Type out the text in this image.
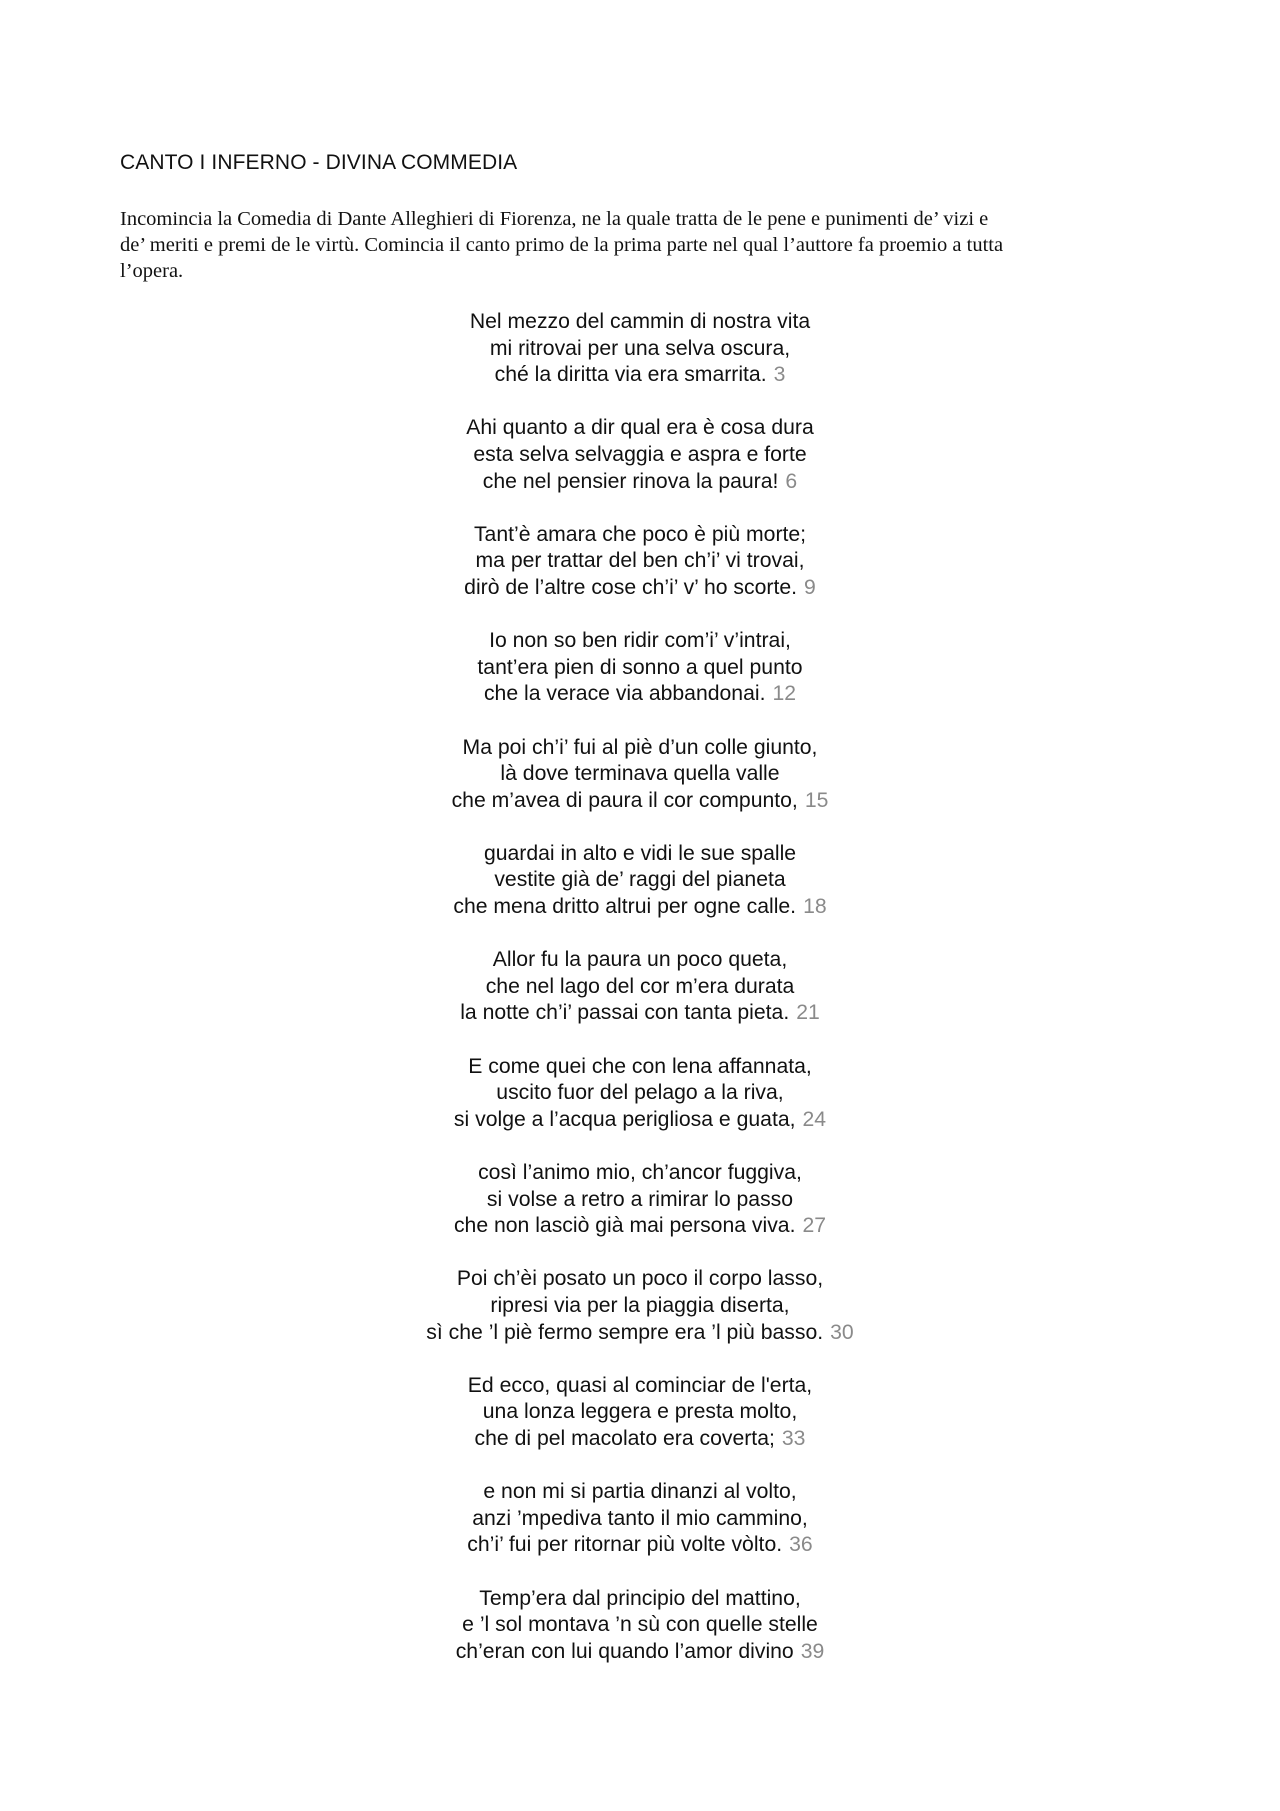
CANTO I INFERNO - DIVINA COMMEDIA
Incomincia la Comedia di Dante Alleghieri di Fiorenza, ne la quale tratta de le pene e punimenti de’ vizi e
de’ meriti e premi de le virtù. Comincia il canto primo de la prima parte nel qual l’auttore fa proemio a tutta
l’opera.
Nel mezzo del cammin di nostra vita
mi ritrovai per una selva oscura,
ché la diritta via era smarrita. 3
Ahi quanto a dir qual era è cosa dura
esta selva selvaggia e aspra e forte
che nel pensier rinova la paura! 6
Tant’è amara che poco è più morte;
ma per trattar del ben ch’i’ vi trovai,
dirò de l’altre cose ch’i’ v’ ho scorte. 9
Io non so ben ridir com’i’ v’intrai,
tant’era pien di sonno a quel punto
che la verace via abbandonai. 12
Ma poi ch’i’ fui al piè d’un colle giunto,
là dove terminava quella valle
che m’avea di paura il cor compunto, 15
guardai in alto e vidi le sue spalle
vestite già de’ raggi del pianeta
che mena dritto altrui per ogne calle. 18
Allor fu la paura un poco queta,
che nel lago del cor m’era durata
la notte ch’i’ passai con tanta pieta. 21
E come quei che con lena affannata,
uscito fuor del pelago a la riva,
si volge a l’acqua perigliosa e guata, 24
così l’animo mio, ch’ancor fuggiva,
si volse a retro a rimirar lo passo
che non lasciò già mai persona viva. 27
Poi ch’èi posato un poco il corpo lasso,
ripresi via per la piaggia diserta,
sì che ’l piè fermo sempre era ’l più basso. 30
Ed ecco, quasi al cominciar de l'erta,
una lonza leggera e presta molto,
che di pel macolato era coverta; 33
e non mi si partia dinanzi al volto,
anzi ’mpediva tanto il mio cammino,
ch’i’ fui per ritornar più volte vòlto. 36
Temp’era dal principio del mattino,
e ’l sol montava ’n sù con quelle stelle
ch’eran con lui quando l’amor divino 39
